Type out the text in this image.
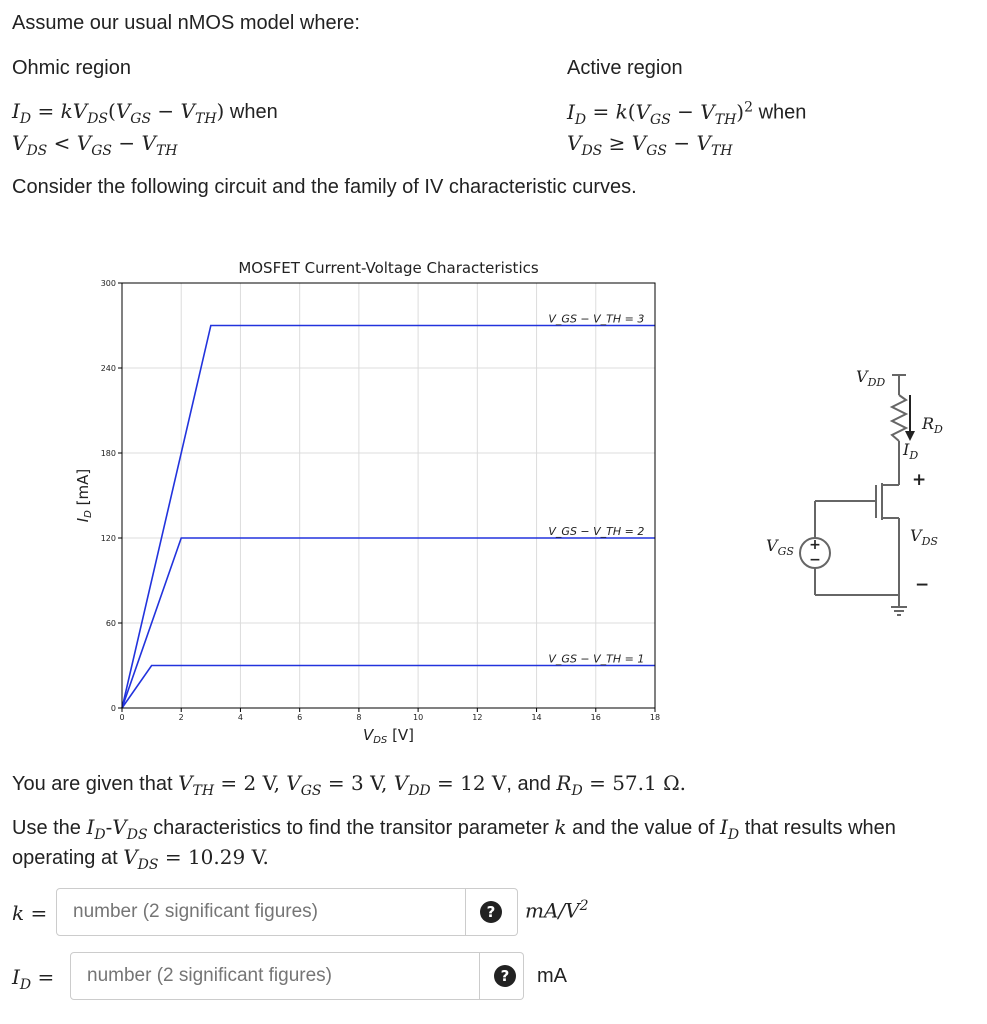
Assume our usual nMOS model where:
Ohmic region	Active region
$I_D = kV_{DS}(V_{GS} - V_{TH})$ when
$V_{DS} < V_{GS} - V_{TH}$
$I_D = k(V_{GS} - V_{TH})^2$ when
$V_{DS} \ge V_{GS} - V_{TH}$
Consider the following circuit and the family of IV characteristic curves.
0	2	4	6	8	10	12	14	16	18
0
60
120
180
240
300
MOSFET Current-Voltage Characteristics
$V_{DS}$ [V]
$I_D$ [mA]
V_GS − V_TH = 1
V_GS − V_TH = 2
V_GS − V_TH = 3
+
−
$V_{DD}$
$R_D$
$I_D$
+
$V_{DS}$
−
$V_{GS}$
You are given that $V_{TH} = 2$ V, $V_{GS} = 3$ V, $V_{DD} = 12$ V, and $R_D = 57.1$ Ω.
Use the $I_D-V_{DS}$ characteristics to find the transitor parameter k and the value of $I_D$ that results when
operating at $V_{DS} = 10.29$ V.
k =
number (2 significant figures)	?	$mA/V^2$
$I_D$ =
number (2 significant figures)	?	mA
